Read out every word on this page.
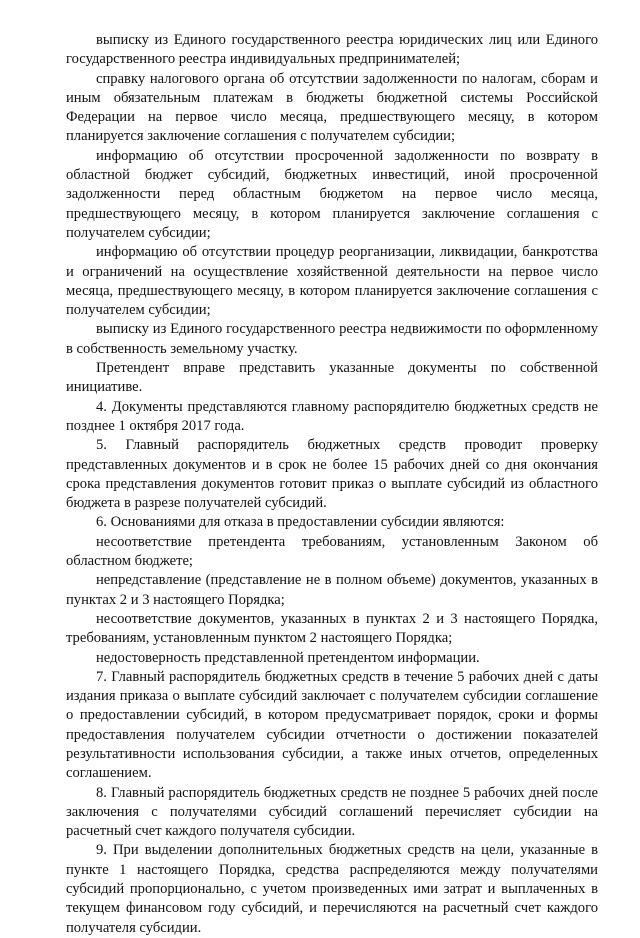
выписку из Единого государственного реестра юридических лиц или Единого государственного реестра индивидуальных предпринимателей;

справку налогового органа об отсутствии задолженности по налогам, сборам и иным обязательным платежам в бюджеты бюджетной системы Российской Федерации на первое число месяца, предшествующего месяцу, в котором планируется заключение соглашения с получателем субсидии;

информацию об отсутствии просроченной задолженности по возврату в областной бюджет субсидий, бюджетных инвестиций, иной просроченной задолженности перед областным бюджетом на первое число месяца, предшествующего месяцу, в котором планируется заключение соглашения с получателем субсидии;

информацию об отсутствии процедур реорганизации, ликвидации, банкротства и ограничений на осуществление хозяйственной деятельности на первое число месяца, предшествующего месяцу, в котором планируется заключение соглашения с получателем субсидии;

выписку из Единого государственного реестра недвижимости по оформленному в собственность земельному участку.

Претендент вправе представить указанные документы по собственной инициативе.

4. Документы представляются главному распорядителю бюджетных средств не позднее 1 октября 2017 года.

5. Главный распорядитель бюджетных средств проводит проверку представленных документов и в срок не более 15 рабочих дней со дня окончания срока представления документов готовит приказ о выплате субсидий из областного бюджета в разрезе получателей субсидий.

6. Основаниями для отказа в предоставлении субсидии являются:

несоответствие претендента требованиям, установленным Законом об областном бюджете;

непредставление (представление не в полном объеме) документов, указанных в пунктах 2 и 3 настоящего Порядка;

несоответствие документов, указанных в пунктах 2 и 3 настоящего Порядка, требованиям, установленным пунктом 2 настоящего Порядка;

недостоверность представленной претендентом информации.

7. Главный распорядитель бюджетных средств в течение 5 рабочих дней с даты издания приказа о выплате субсидий заключает с получателем субсидии соглашение о предоставлении субсидий, в котором предусматривает порядок, сроки и формы предоставления получателем субсидии отчетности о достижении показателей результативности использования субсидии, а также иных отчетов, определенных соглашением.

8. Главный распорядитель бюджетных средств не позднее 5 рабочих дней после заключения с получателями субсидий соглашений перечисляет субсидии на расчетный счет каждого получателя субсидии.

9. При выделении дополнительных бюджетных средств на цели, указанные в пункте 1 настоящего Порядка, средства распределяются между получателями субсидий пропорционально, с учетом произведенных ими затрат и выплаченных в текущем финансовом году субсидий, и перечисляются на расчетный счет каждого получателя субсидии.
